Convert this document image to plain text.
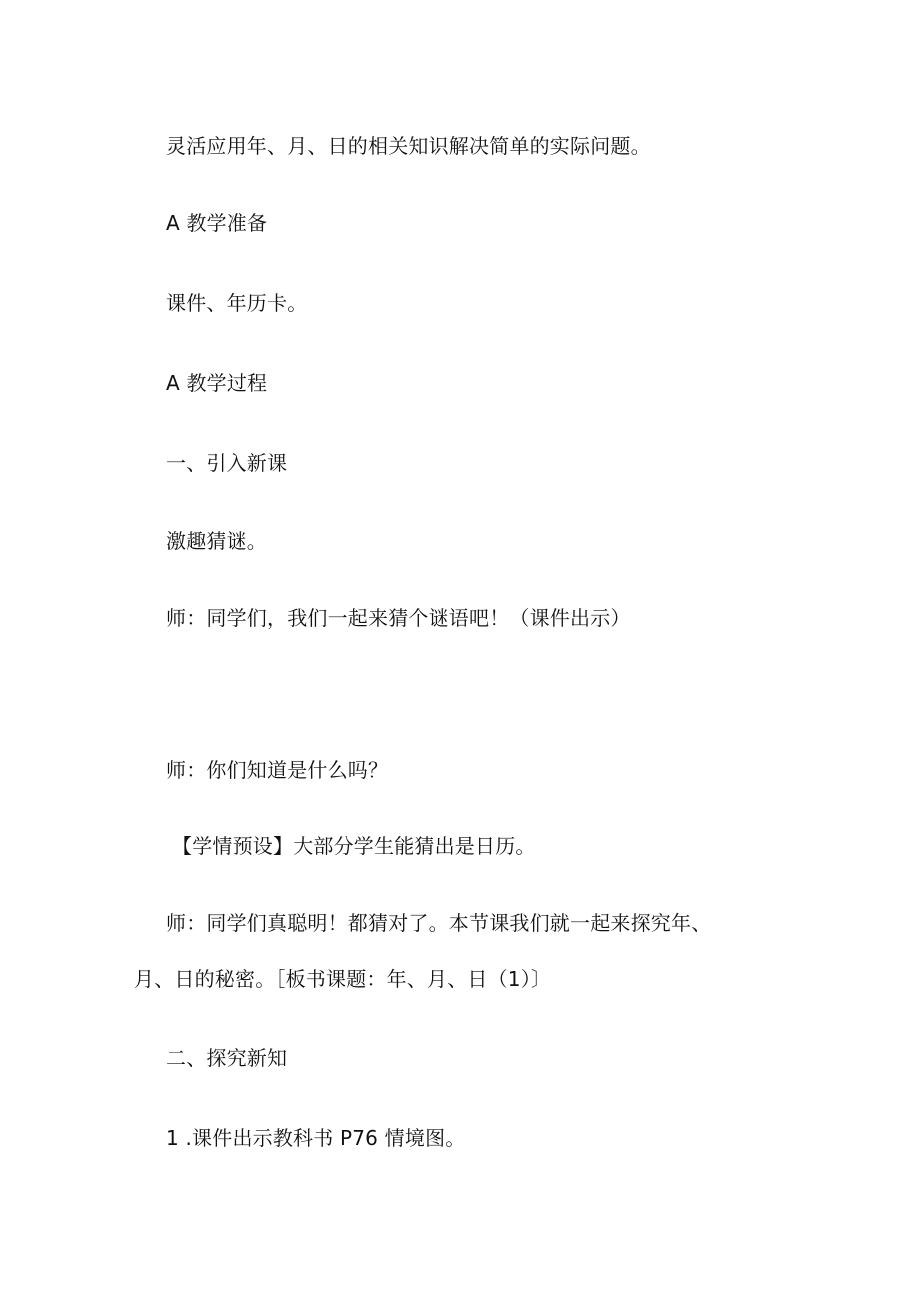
灵活应用年、月、日的相关知识解决简单的实际问题。
A 教学准备
课件、年历卡。
A 教学过程
一、引入新课
激趣猜谜。
师：同学们，我们一起来猜个谜语吧！（课件出示）
师：你们知道是什么吗？
【学情预设】大部分学生能猜出是日历。
师：同学们真聪明！都猜对了。本节课我们就一起来探究年、
月、日的秘密。［板书课题：年、月、日（1）〕
二、探究新知
1 .课件出示教科书 P76 情境图。
